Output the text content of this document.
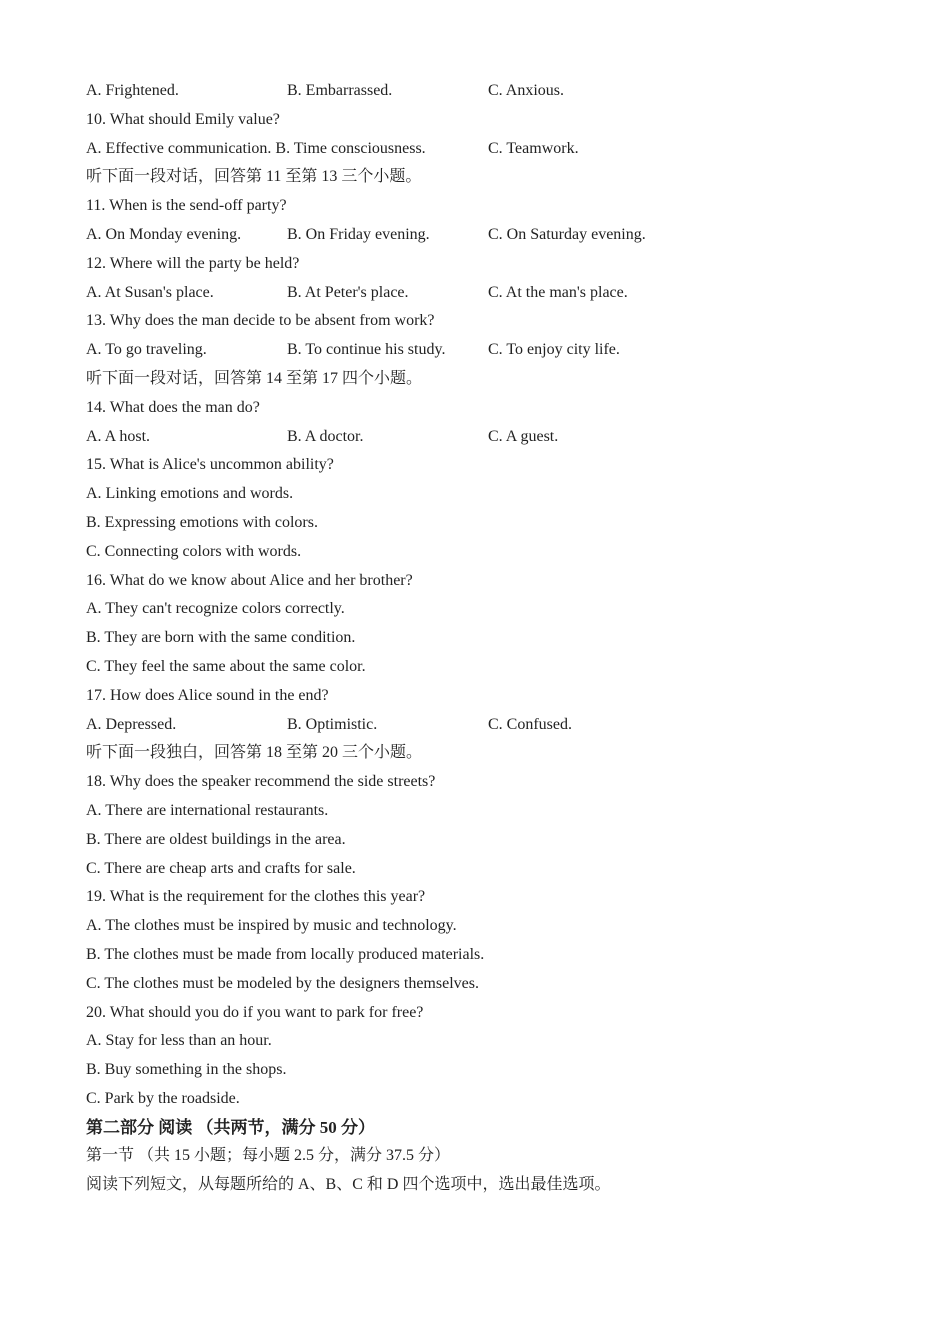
A. Frightened.	B. Embarrassed.	C. Anxious.
10. What should Emily value?
A. Effective communication. B. Time consciousness.	C. Teamwork.
听下面一段对话，回答第 11 至第 13 三个小题。
11. When is the send-off party?
A. On Monday evening.	B. On Friday evening.	C. On Saturday evening.
12. Where will the party be held?
A. At Susan's place.	B. At Peter's place.	C. At the man's place.
13. Why does the man decide to be absent from work?
A. To go traveling.	B. To continue his study.	C. To enjoy city life.
听下面一段对话，回答第 14 至第 17 四个小题。
14. What does the man do?
A. A host.	B. A doctor.	C. A guest.
15. What is Alice's uncommon ability?
A. Linking emotions and words.
B. Expressing emotions with colors.
C. Connecting colors with words.
16. What do we know about Alice and her brother?
A. They can't recognize colors correctly.
B. They are born with the same condition.
C. They feel the same about the same color.
17. How does Alice sound in the end?
A. Depressed.	B. Optimistic.	C. Confused.
听下面一段独白，回答第 18 至第 20 三个小题。
18. Why does the speaker recommend the side streets?
A. There are international restaurants.
B. There are oldest buildings in the area.
C. There are cheap arts and crafts for sale.
19. What is the requirement for the clothes this year?
A. The clothes must be inspired by music and technology.
B. The clothes must be made from locally produced materials.
C. The clothes must be modeled by the designers themselves.
20. What should you do if you want to park for free?
A. Stay for less than an hour.
B. Buy something in the shops.
C. Park by the roadside.
第二部分 阅读 （共两节，满分 50 分）
第一节 （共 15 小题；每小题 2.5 分，满分 37.5 分）
阅读下列短文，从每题所给的 A、B、C 和 D 四个选项中，选出最佳选项。
